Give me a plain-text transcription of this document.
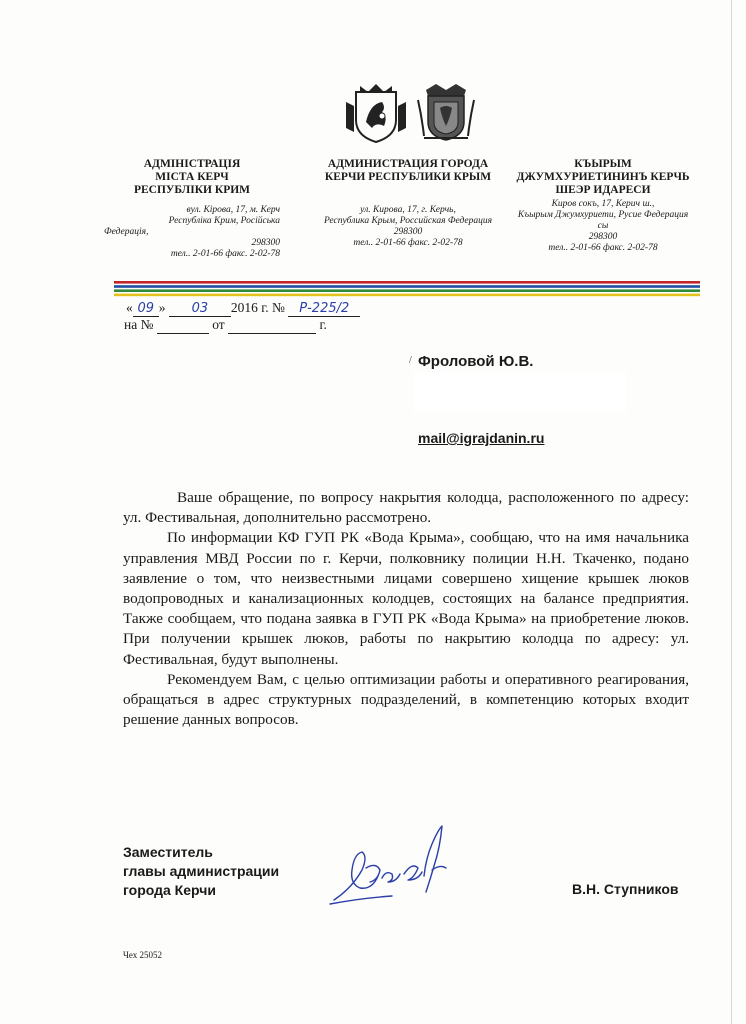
АДМІНІСТРАЦІЯ
МІСТА КЕРЧ
РЕСПУБЛІКИ КРИМ
вул. Кірова, 17, м. Керч
Республіка Крим, Російська
Федерація,
298300
тел.. 2-01-66 факс. 2-02-78
АДМИНИСТРАЦИЯ ГОРОДА
КЕРЧИ РЕСПУБЛИКИ КРЫМ
ул. Кирова, 17, г. Керчь,
Республика Крым, Российская Федерация
298300
тел.. 2-01-66 факс. 2-02-78
КЪЫРЫМ
ДЖУМХУРИЕТИНИНЪ КЕРЧЬ
ШЕЭР ИДАРЕСИ
Киров сокъ, 17, Керич ш.,
Къырым Джумхуриети, Русие Федерация
сы
298300
тел.. 2-01-66 факс. 2-02-78
« 09 » 03 2016 г. № Р-225/2
на №	от	г.
/ Фроловой Ю.В.
mail@igrajdanin.ru

Ваше обращение, по вопросу накрытия колодца, расположенного по адресу: ул. Фестивальная, дополнительно рассмотрено.

По информации КФ ГУП РК «Вода Крыма», сообщаю, что на имя начальника управления МВД России по г. Керчи, полковнику полиции Н.Н. Ткаченко, подано заявление о том, что неизвестными лицами совершено хищение крышек люков водопроводных и канализационных колодцев, состоящих на балансе предприятия. Также сообщаем, что подана заявка в ГУП РК «Вода Крыма» на приобретение люков. При получении крышек люков, работы по накрытию колодца по адресу: ул. Фестивальная, будут выполнены.

Рекомендуем Вам, с целью оптимизации работы и оперативного реагирования, обращаться в адрес структурных подразделений, в компетенцию которых входит решение данных вопросов.

Заместитель
главы администрации
города Керчи	В.Н. Ступников
Чех 25052
